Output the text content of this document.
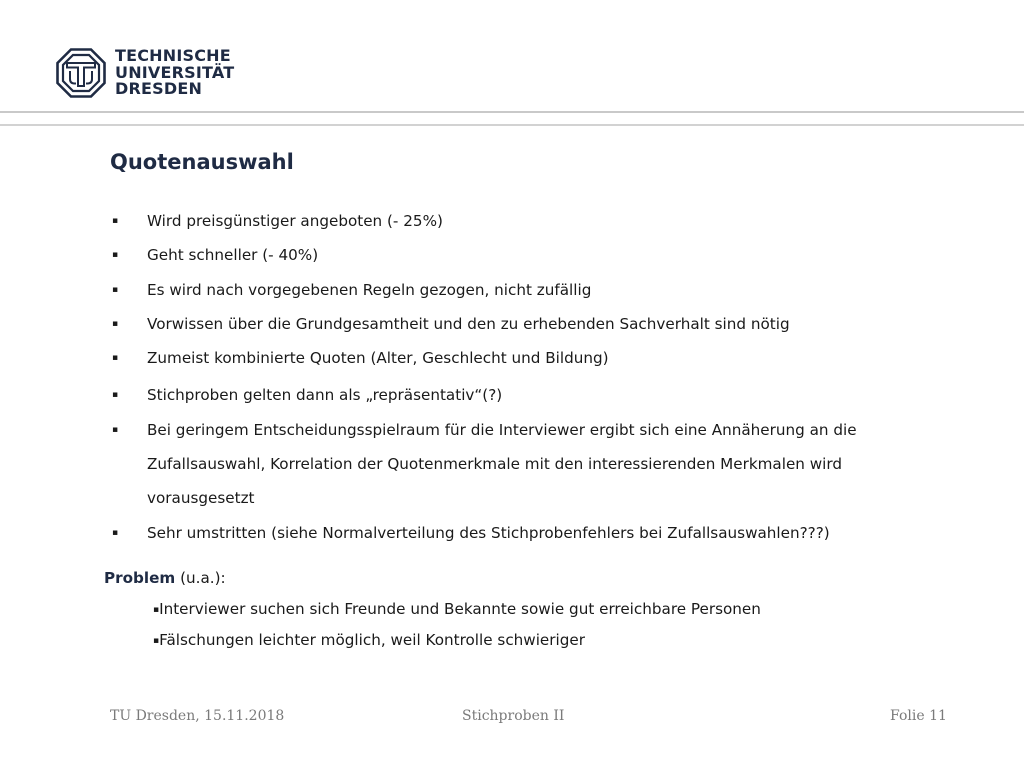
TECHNISCHE
UNIVERSITÄT
DRESDEN
Quotenauswahl
▪ Wird preisgünstiger angeboten (- 25%)
▪ Geht schneller (- 40%)
▪ Es wird nach vorgegebenen Regeln gezogen, nicht zufällig
▪ Vorwissen über die Grundgesamtheit und den zu erhebenden Sachverhalt sind nötig
▪ Zumeist kombinierte Quoten (Alter, Geschlecht und Bildung)
▪ Stichproben gelten dann als „repräsentativ“(?)
▪ Bei geringem Entscheidungsspielraum für die Interviewer ergibt sich eine Annäherung an die Zufallsauswahl, Korrelation der Quotenmerkmale mit den interessierenden Merkmalen wird vorausgesetzt
▪ Sehr umstritten (siehe Normalverteilung des Stichprobenfehlers bei Zufallsauswahlen???)
Problem (u.a.):
▪Interviewer suchen sich Freunde und Bekannte sowie gut erreichbare Personen
▪Fälschungen leichter möglich, weil Kontrolle schwieriger
TU Dresden, 15.11.2018	Stichproben II	Folie 11
